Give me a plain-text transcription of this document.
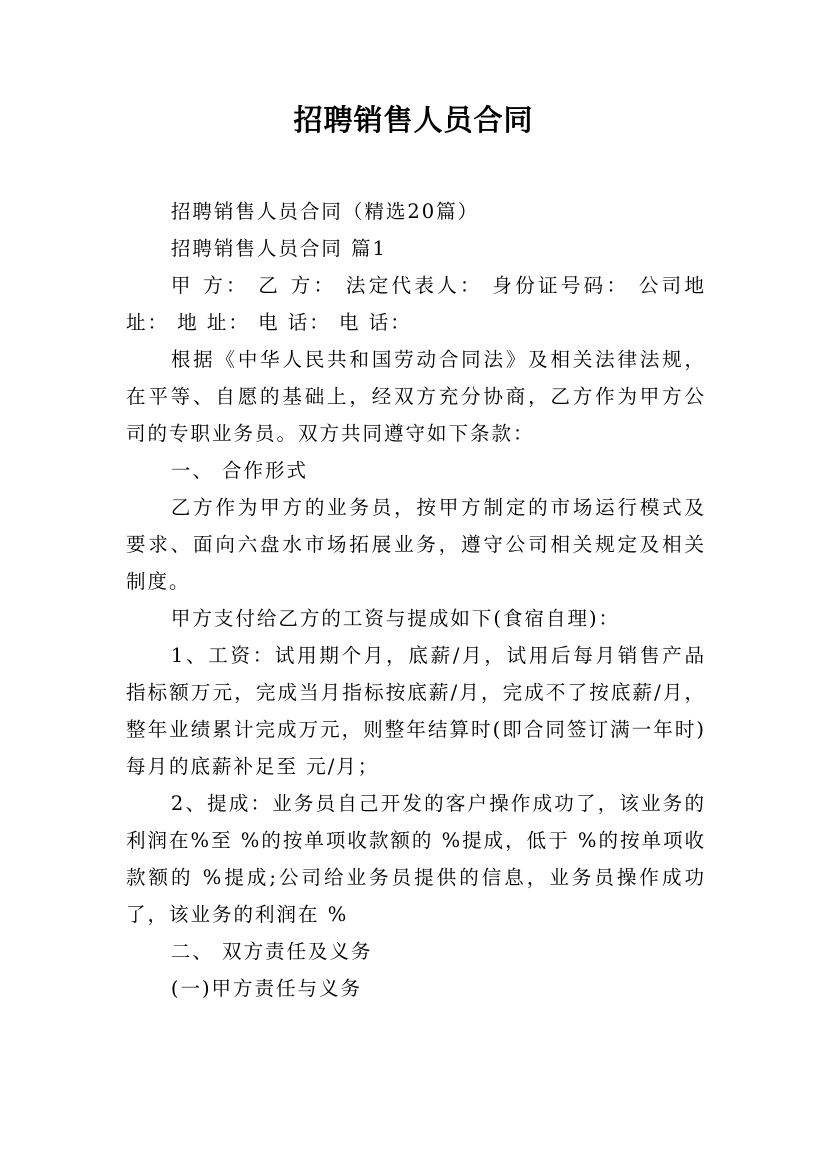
招聘销售人员合同

招聘销售人员合同（精选20篇）

招聘销售人员合同 篇1

甲 方： 乙 方： 法定代表人： 身份证号码： 公司地址： 地 址： 电 话： 电 话：

根据《中华人民共和国劳动合同法》及相关法律法规，在平等、自愿的基础上，经双方充分协商，乙方作为甲方公司的专职业务员。双方共同遵守如下条款：

一、 合作形式

乙方作为甲方的业务员，按甲方制定的市场运行模式及要求、面向六盘水市场拓展业务，遵守公司相关规定及相关制度。

甲方支付给乙方的工资与提成如下(食宿自理)：

1、工资：试用期个月，底薪/月，试用后每月销售产品指标额万元，完成当月指标按底薪/月，完成不了按底薪/月，整年业绩累计完成万元，则整年结算时(即合同签订满一年时)每月的底薪补足至 元/月；

2、提成：业务员自己开发的客户操作成功了，该业务的利润在%至 %的按单项收款额的 %提成，低于 %的按单项收款额的 %提成;公司给业务员提供的信息，业务员操作成功了，该业务的利润在 %

二、 双方责任及义务

(一)甲方责任与义务
